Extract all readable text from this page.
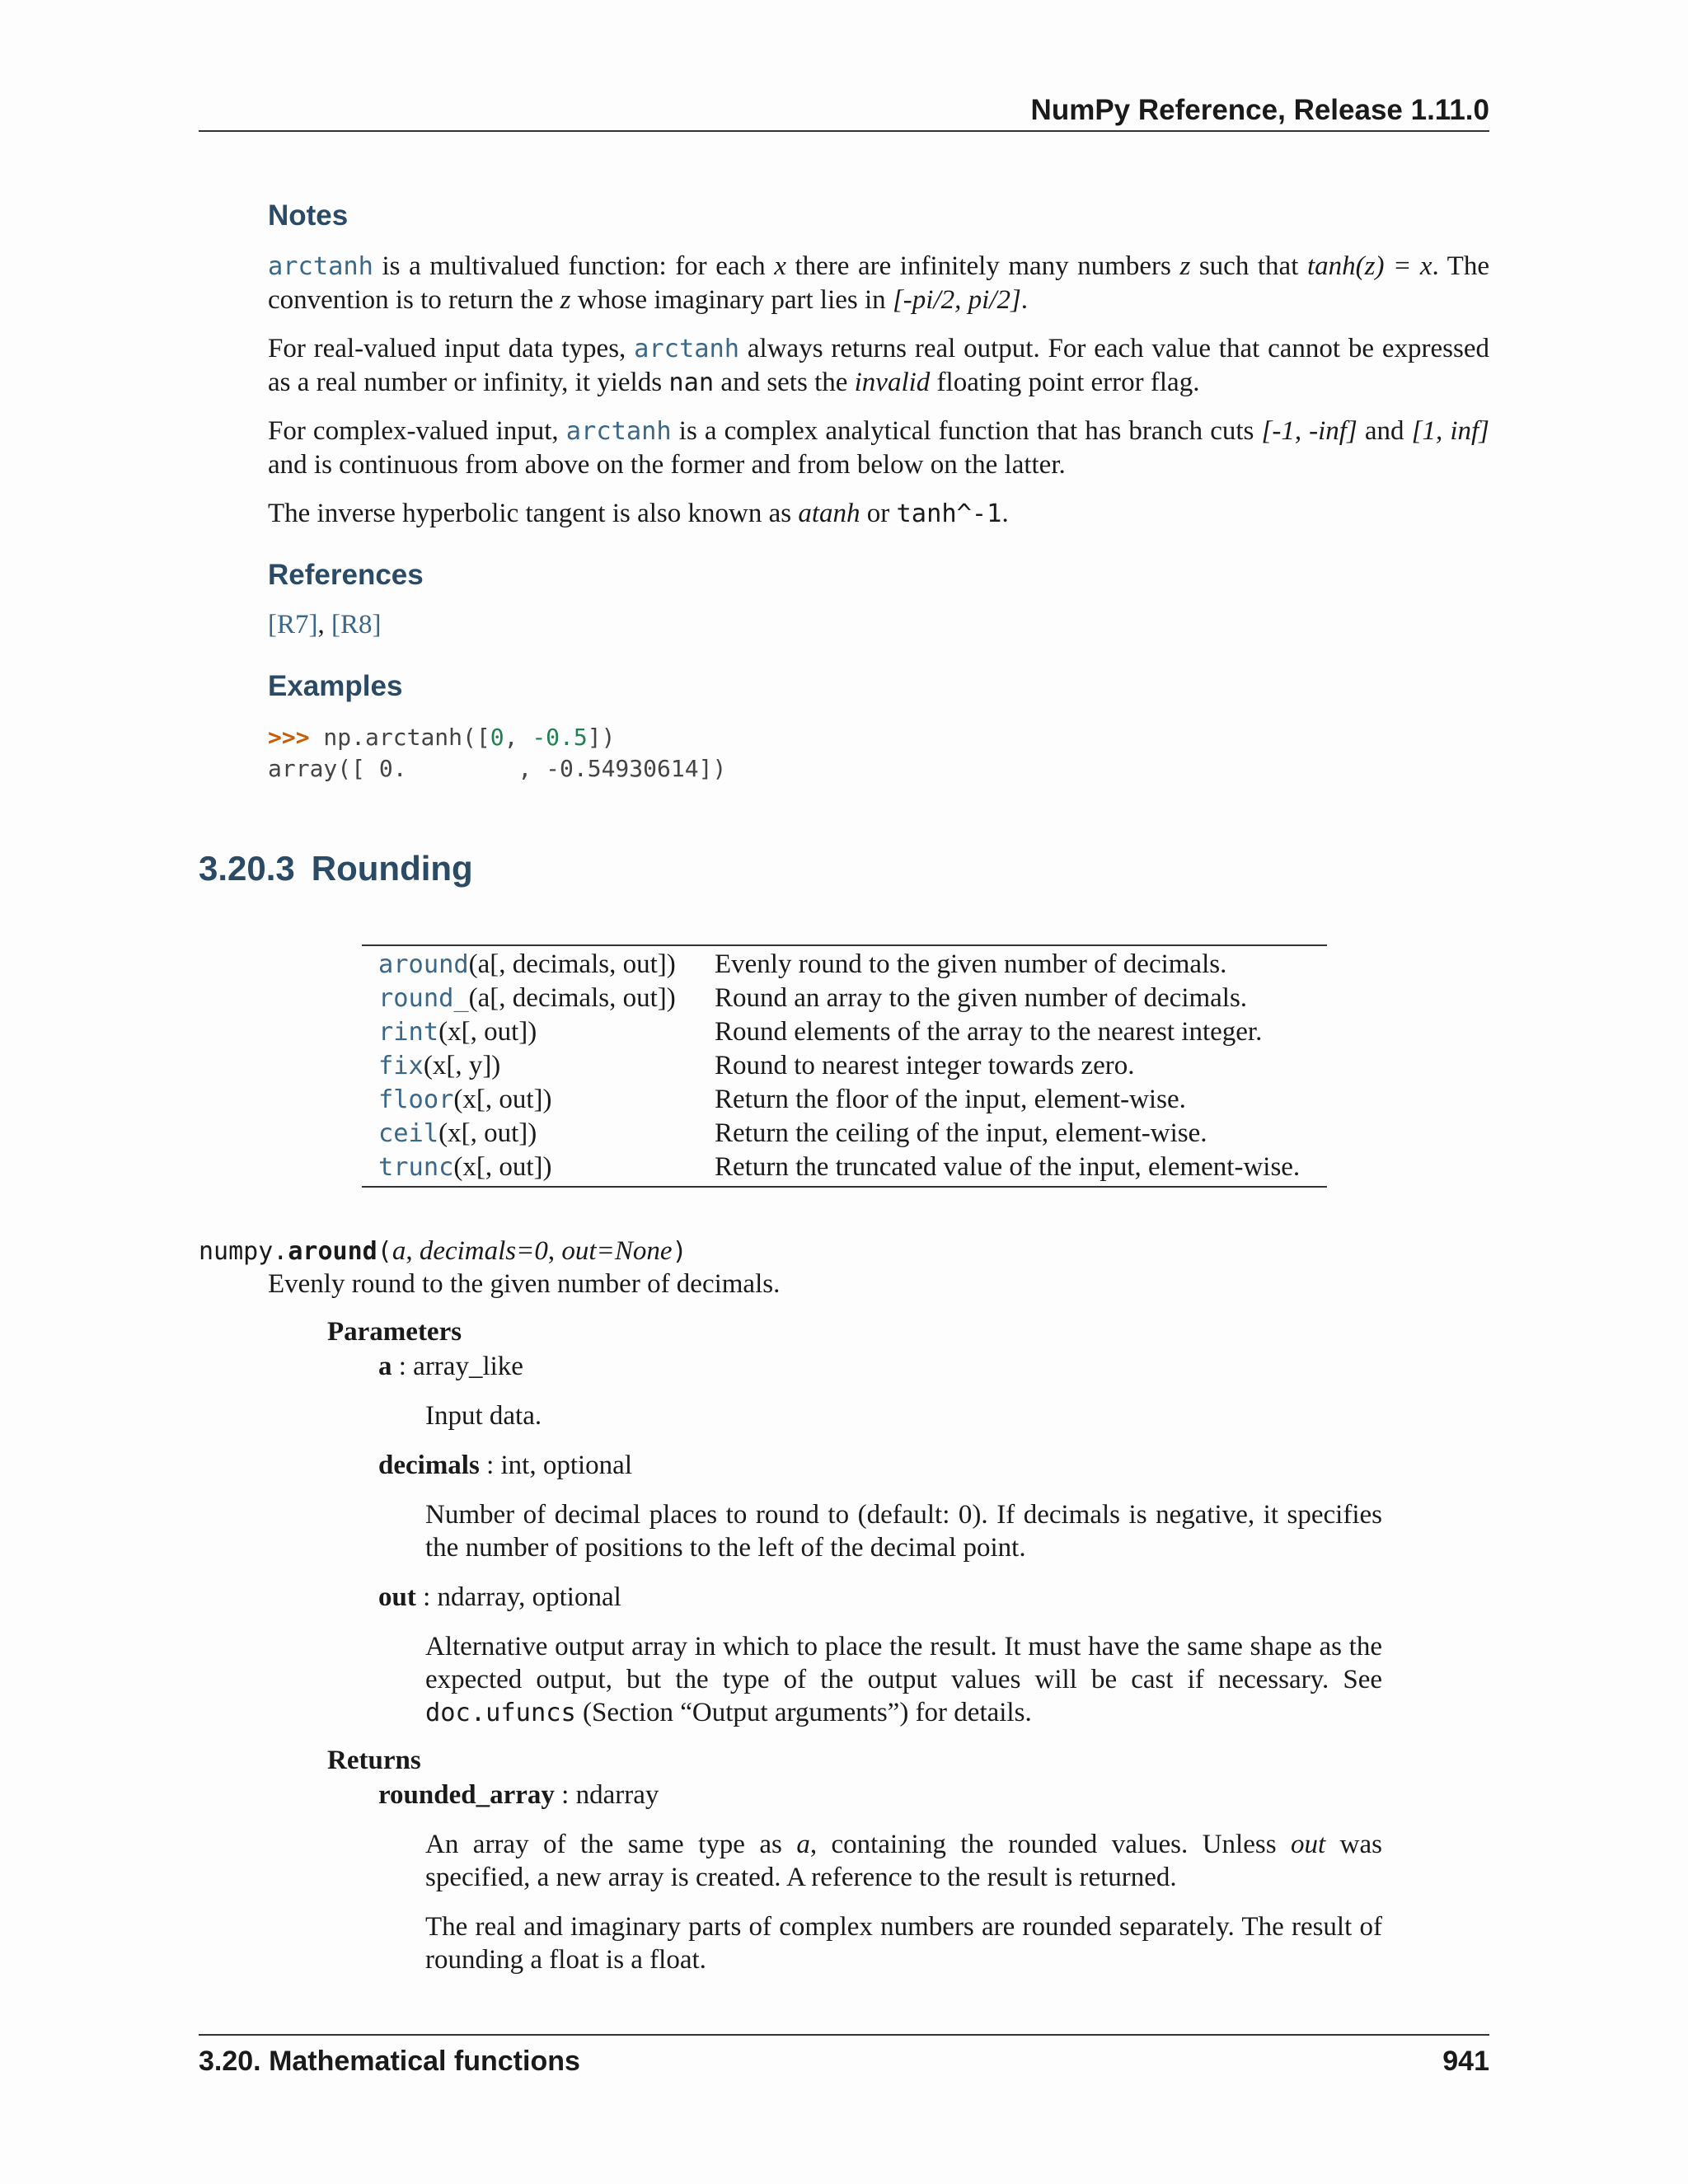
NumPy Reference, Release 1.11.0
Notes
arctanh is a multivalued function: for each x there are infinitely many numbers z such that tanh(z) = x. The convention is to return the z whose imaginary part lies in [-pi/2, pi/2].
For real-valued input data types, arctanh always returns real output. For each value that cannot be expressed as a real number or infinity, it yields nan and sets the invalid floating point error flag.
For complex-valued input, arctanh is a complex analytical function that has branch cuts [-1, -inf] and [1, inf] and is continuous from above on the former and from below on the latter.
The inverse hyperbolic tangent is also known as atanh or tanh^-1.
References
[R7], [R8]
Examples
>>> np.arctanh([0, -0.5])
array([ 0.        , -0.54930614])
3.20.3 Rounding
around(a[, decimals, out])	Evenly round to the given number of decimals.
round_(a[, decimals, out])	Round an array to the given number of decimals.
rint(x[, out])	Round elements of the array to the nearest integer.
fix(x[, y])	Round to nearest integer towards zero.
floor(x[, out])	Return the floor of the input, element-wise.
ceil(x[, out])	Return the ceiling of the input, element-wise.
trunc(x[, out])	Return the truncated value of the input, element-wise.
numpy.around(a, decimals=0, out=None)
Evenly round to the given number of decimals.
Parameters
a : array_like
Input data.
decimals : int, optional
Number of decimal places to round to (default: 0). If decimals is negative, it specifies the number of positions to the left of the decimal point.
out : ndarray, optional
Alternative output array in which to place the result. It must have the same shape as the expected output, but the type of the output values will be cast if necessary. See doc.ufuncs (Section “Output arguments”) for details.
Returns
rounded_array : ndarray
An array of the same type as a, containing the rounded values. Unless out was specified, a new array is created. A reference to the result is returned.
The real and imaginary parts of complex numbers are rounded separately. The result of rounding a float is a float.
3.20. Mathematical functions	941
